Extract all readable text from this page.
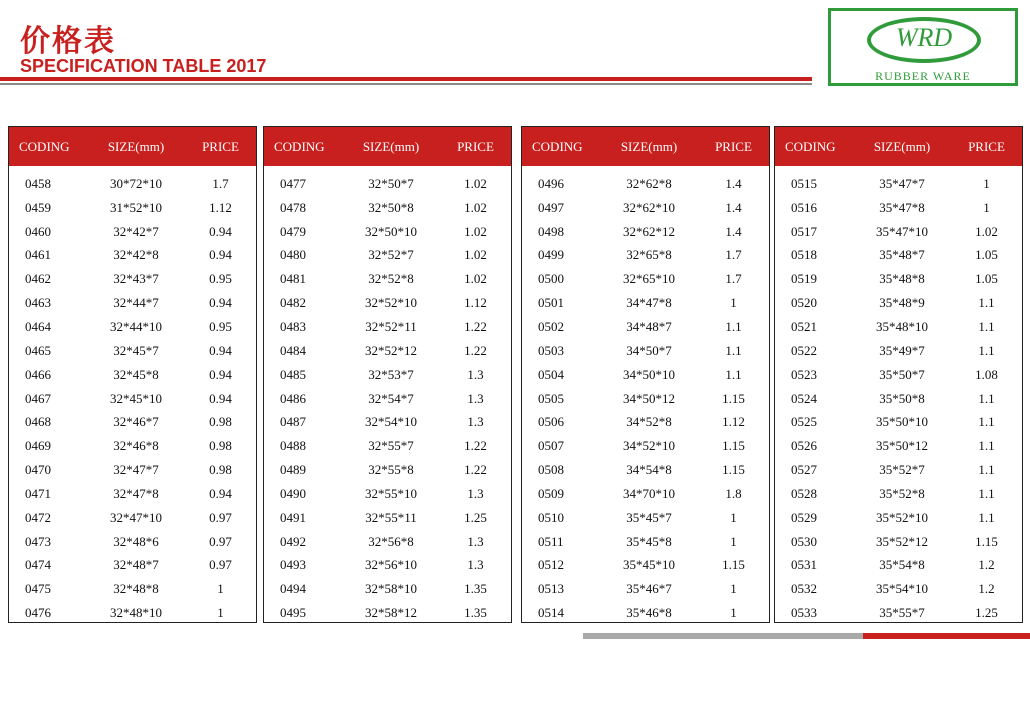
价格表
SPECIFICATION TABLE 2017
WRD
RUBBER WARE
CODING	SIZE(mm)	PRICE
0458	30*72*10	1.7
0459	31*52*10	1.12
0460	32*42*7	0.94
0461	32*42*8	0.94
0462	32*43*7	0.95
0463	32*44*7	0.94
0464	32*44*10	0.95
0465	32*45*7	0.94
0466	32*45*8	0.94
0467	32*45*10	0.94
0468	32*46*7	0.98
0469	32*46*8	0.98
0470	32*47*7	0.98
0471	32*47*8	0.94
0472	32*47*10	0.97
0473	32*48*6	0.97
0474	32*48*7	0.97
0475	32*48*8	1
0476	32*48*10	1
CODING	SIZE(mm)	PRICE
0477	32*50*7	1.02
0478	32*50*8	1.02
0479	32*50*10	1.02
0480	32*52*7	1.02
0481	32*52*8	1.02
0482	32*52*10	1.12
0483	32*52*11	1.22
0484	32*52*12	1.22
0485	32*53*7	1.3
0486	32*54*7	1.3
0487	32*54*10	1.3
0488	32*55*7	1.22
0489	32*55*8	1.22
0490	32*55*10	1.3
0491	32*55*11	1.25
0492	32*56*8	1.3
0493	32*56*10	1.3
0494	32*58*10	1.35
0495	32*58*12	1.35
CODING	SIZE(mm)	PRICE
0496	32*62*8	1.4
0497	32*62*10	1.4
0498	32*62*12	1.4
0499	32*65*8	1.7
0500	32*65*10	1.7
0501	34*47*8	1
0502	34*48*7	1.1
0503	34*50*7	1.1
0504	34*50*10	1.1
0505	34*50*12	1.15
0506	34*52*8	1.12
0507	34*52*10	1.15
0508	34*54*8	1.15
0509	34*70*10	1.8
0510	35*45*7	1
0511	35*45*8	1
0512	35*45*10	1.15
0513	35*46*7	1
0514	35*46*8	1
CODING	SIZE(mm)	PRICE
0515	35*47*7	1
0516	35*47*8	1
0517	35*47*10	1.02
0518	35*48*7	1.05
0519	35*48*8	1.05
0520	35*48*9	1.1
0521	35*48*10	1.1
0522	35*49*7	1.1
0523	35*50*7	1.08
0524	35*50*8	1.1
0525	35*50*10	1.1
0526	35*50*12	1.1
0527	35*52*7	1.1
0528	35*52*8	1.1
0529	35*52*10	1.1
0530	35*52*12	1.15
0531	35*54*8	1.2
0532	35*54*10	1.2
0533	35*55*7	1.25
